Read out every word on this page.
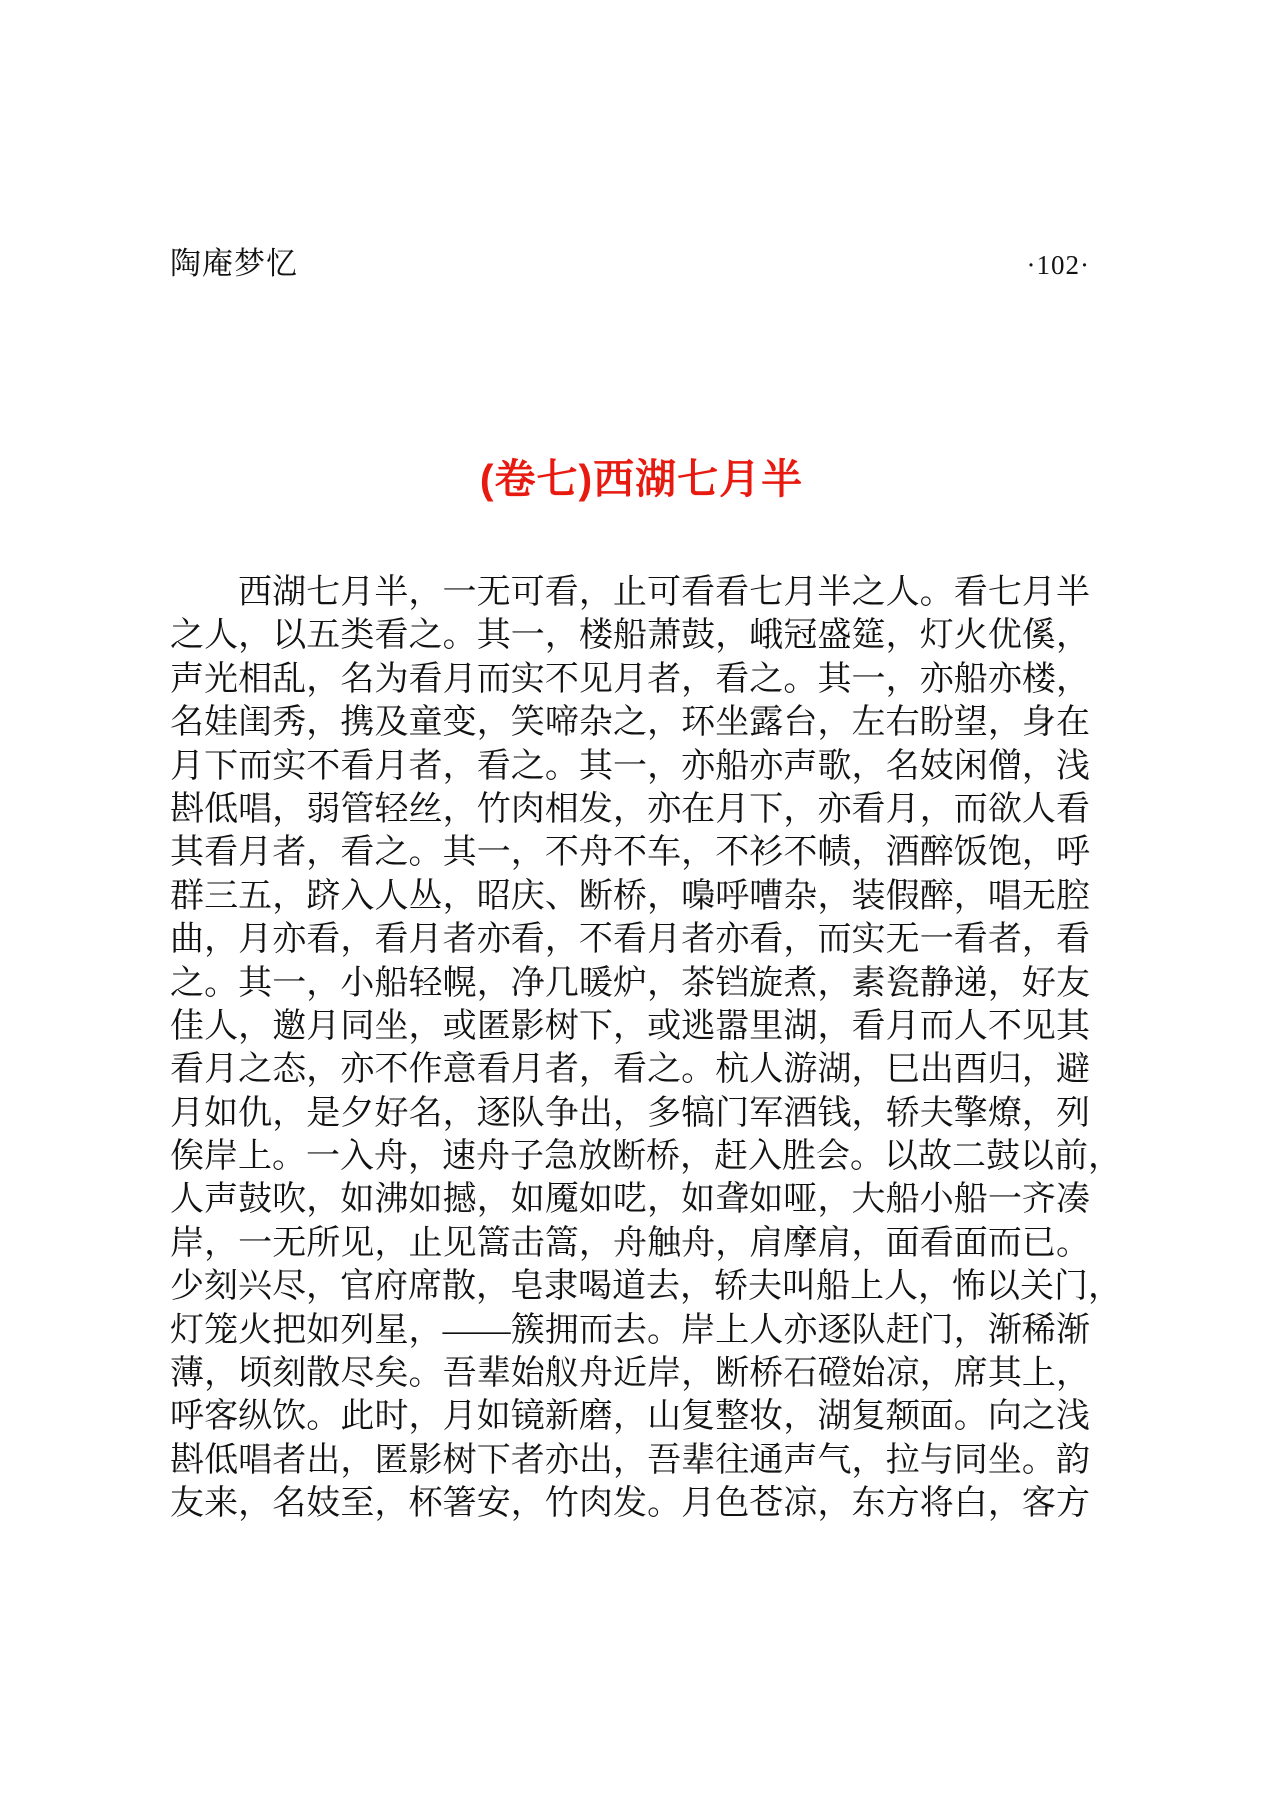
陶庵梦忆	·102·
(卷七)西湖七月半
西湖七月半，一无可看，止可看看七月半之人。看七月半
之人，以五类看之。其一，楼船萧鼓，峨冠盛筵，灯火优傒，
声光相乱，名为看月而实不见月者，看之。其一，亦船亦楼，
名娃闺秀，携及童变，笑啼杂之，环坐露台，左右盼望，身在
月下而实不看月者，看之。其一，亦船亦声歌，名妓闲僧，浅
斟低唱，弱管轻丝，竹肉相发，亦在月下，亦看月，而欲人看
其看月者，看之。其一，不舟不车，不衫不帻，酒醉饭饱，呼
群三五，跻入人丛，昭庆、断桥，嘄呼嘈杂，装假醉，唱无腔
曲，月亦看，看月者亦看，不看月者亦看，而实无一看者，看
之。其一，小船轻幌，净几暖炉，茶铛旋煮，素瓷静递，好友
佳人，邀月同坐，或匿影树下，或逃嚣里湖，看月而人不见其
看月之态，亦不作意看月者，看之。杭人游湖，巳出酉归，避
月如仇，是夕好名，逐队争出，多犒门军酒钱，轿夫擎燎，列
俟岸上。一入舟，速舟子急放断桥，赶入胜会。以故二鼓以前，
人声鼓吹，如沸如撼，如魇如呓，如聋如哑，大船小船一齐凑
岸，一无所见，止见篙击篙，舟触舟，肩摩肩，面看面而已。
少刻兴尽，官府席散，皂隶喝道去，轿夫叫船上人，怖以关门，
灯笼火把如列星，——簇拥而去。岸上人亦逐队赶门，渐稀渐
薄，顷刻散尽矣。吾辈始舣舟近岸，断桥石磴始凉，席其上，
呼客纵饮。此时，月如镜新磨，山复整妆，湖复颒面。向之浅
斟低唱者出，匿影树下者亦出，吾辈往通声气，拉与同坐。韵
友来，名妓至，杯箸安，竹肉发。月色苍凉，东方将白，客方
